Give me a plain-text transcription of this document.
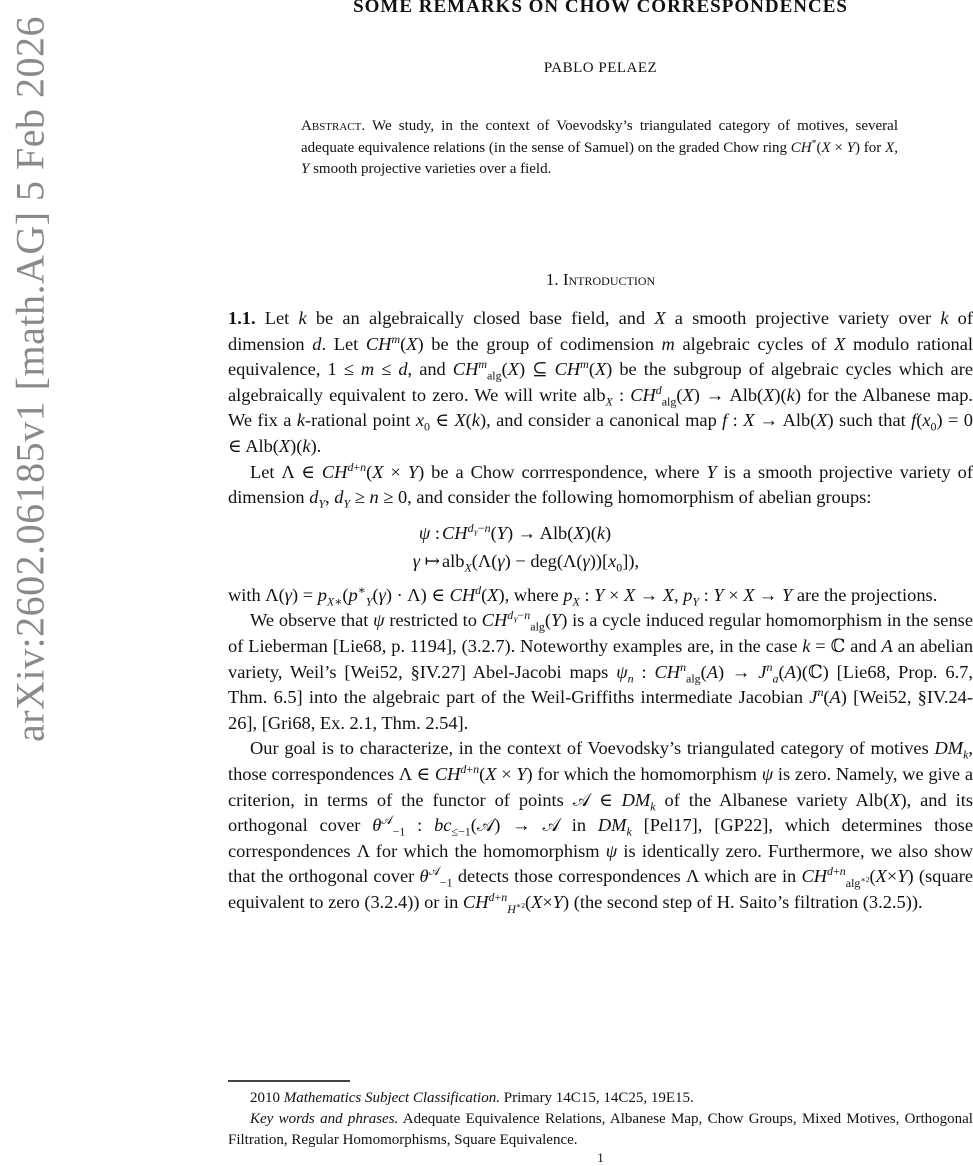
arXiv:2602.06185v1 [math.AG] 5 Feb 2026
SOME REMARKS ON CHOW CORRESPONDENCES
PABLO PELAEZ
Abstract. We study, in the context of Voevodsky’s triangulated category of motives, several adequate equivalence relations (in the sense of Samuel) on the graded Chow ring CH*(X × Y) for X, Y smooth projective varieties over a field.
1. Introduction

1.1. Let k be an algebraically closed base field, and X a smooth projective variety over k of dimension d. Let $CH^m(X)$ be the group of codimension m algebraic cycles of X modulo rational equivalence, 1 ≤ m ≤ d, and $CH^m_{alg}(X)$ ⊆ $CH^m(X)$ be the subgroup of algebraic cycles which are algebraically equivalent to zero. We will write alb$_X$ : $CH^d_{alg}(X) \to Alb(X)(k)$ for the Albanese map. We fix a k-rational point $x_0$ ∈ X(k), and consider a canonical map f : X → Alb(X) such that $f(x_0) = 0$ ∈ Alb(X)(k).

Let Λ ∈ $CH^{d+n}(X \times Y)$ be a Chow corrrespondence, where Y is a smooth projective variety of dimension $d_Y$, $d_Y \ge n \ge 0$, and consider the following homomorphism of abelian groups:

ψ : $CH^{d_Y-n}(Y) \to Alb(X)(k)$
γ ↦ $alb_X(\Lambda(\gamma) - deg(\Lambda(\gamma))[x_0])$,

with $\Lambda(\gamma) = p_{X∗}(p^∗_Y(\gamma) \cdot \Lambda)$ ∈ $CH^d(X)$, where $p_X$ : Y × X → X, $p_Y$ : Y × X → Y are the projections.

We observe that ψ restricted to $CH^{d_Y-n}_{alg}(Y)$ is a cycle induced regular homomorphism in the sense of Lieberman [Lie68, p. 1194], (3.2.7). Noteworthy examples are, in the case k = ℂ and A an abelian variety, Weil’s [Wei52, §IV.27] Abel-Jacobi maps $\psi_n$ : $CH^n_{alg}(A)$ → $J^n_a(A)(ℂ)$ [Lie68, Prop. 6.7, Thm. 6.5] into the algebraic part of the Weil-Griffiths intermediate Jacobian $J^n(A)$ [Wei52, §IV.24-26], [Gri68, Ex. 2.1, Thm. 2.54].

Our goal is to characterize, in the context of Voevodsky’s triangulated category of motives $DM_k$, those correspondences Λ ∈ $CH^{d+n}(X \times Y)$ for which the homomorphism ψ is zero. Namely, we give a criterion, in terms of the functor of points 𝒜 ∈ $DM_k$ of the Albanese variety Alb(X), and its orthogonal cover $\theta^𝒜_{-1}$ : $bc_{\le-1}(𝒜)$ → 𝒜 in $DM_k$ [Pel17], [GP22], which determines those correspondences Λ for which the homomorphism ψ is identically zero. Furthermore, we also show that the orthogonal cover $\theta^𝒜_{-1}$ detects those correspondences Λ which are in $CH^{d+n}_{alg^{∗2}}(X\times Y)$ (square equivalent to zero (3.2.4)) or in $CH^{d+n}_{H^{∗2}}(X\times Y)$ (the second step of H. Saito’s filtration (3.2.5)).

2010 Mathematics Subject Classification. Primary 14C15, 14C25, 19E15.

Key words and phrases. Adequate Equivalence Relations, Albanese Map, Chow Groups, Mixed Motives, Orthogonal Filtration, Regular Homomorphisms, Square Equivalence.

1
